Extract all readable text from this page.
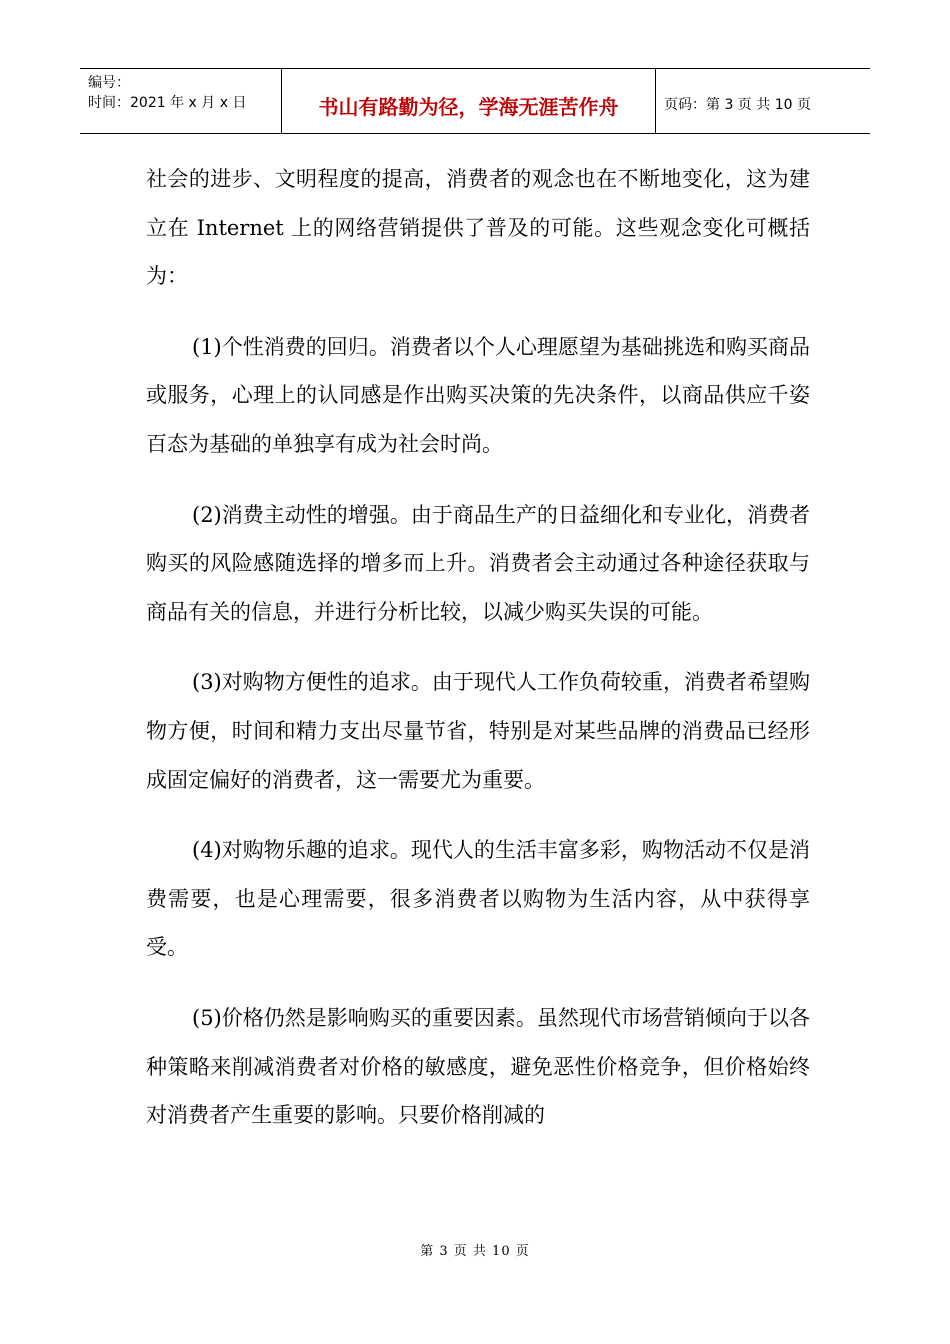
编号：
时间：2021 年 x 月 x 日	书山有路勤为径，学海无涯苦作舟	页码：第 3 页 共 10 页

社会的进步、文明程度的提高，消费者的观念也在不断地变化，这为建立在 Internet 上的网络营销提供了普及的可能。这些观念变化可概括为：

(1)个性消费的回归。消费者以个人心理愿望为基础挑选和购买商品或服务，心理上的认同感是作出购买决策的先决条件，以商品供应千姿百态为基础的单独享有成为社会时尚。

(2)消费主动性的增强。由于商品生产的日益细化和专业化，消费者购买的风险感随选择的增多而上升。消费者会主动通过各种途径获取与商品有关的信息，并进行分析比较，以减少购买失误的可能。

(3)对购物方便性的追求。由于现代人工作负荷较重，消费者希望购物方便，时间和精力支出尽量节省，特别是对某些品牌的消费品已经形成固定偏好的消费者，这一需要尤为重要。

(4)对购物乐趣的追求。现代人的生活丰富多彩，购物活动不仅是消费需要，也是心理需要，很多消费者以购物为生活内容，从中获得享受。

(5)价格仍然是影响购买的重要因素。虽然现代市场营销倾向于以各种策略来削减消费者对价格的敏感度，避免恶性价格竞争，但价格始终对消费者产生重要的影响。只要价格削减的

第 3 页 共 10 页
